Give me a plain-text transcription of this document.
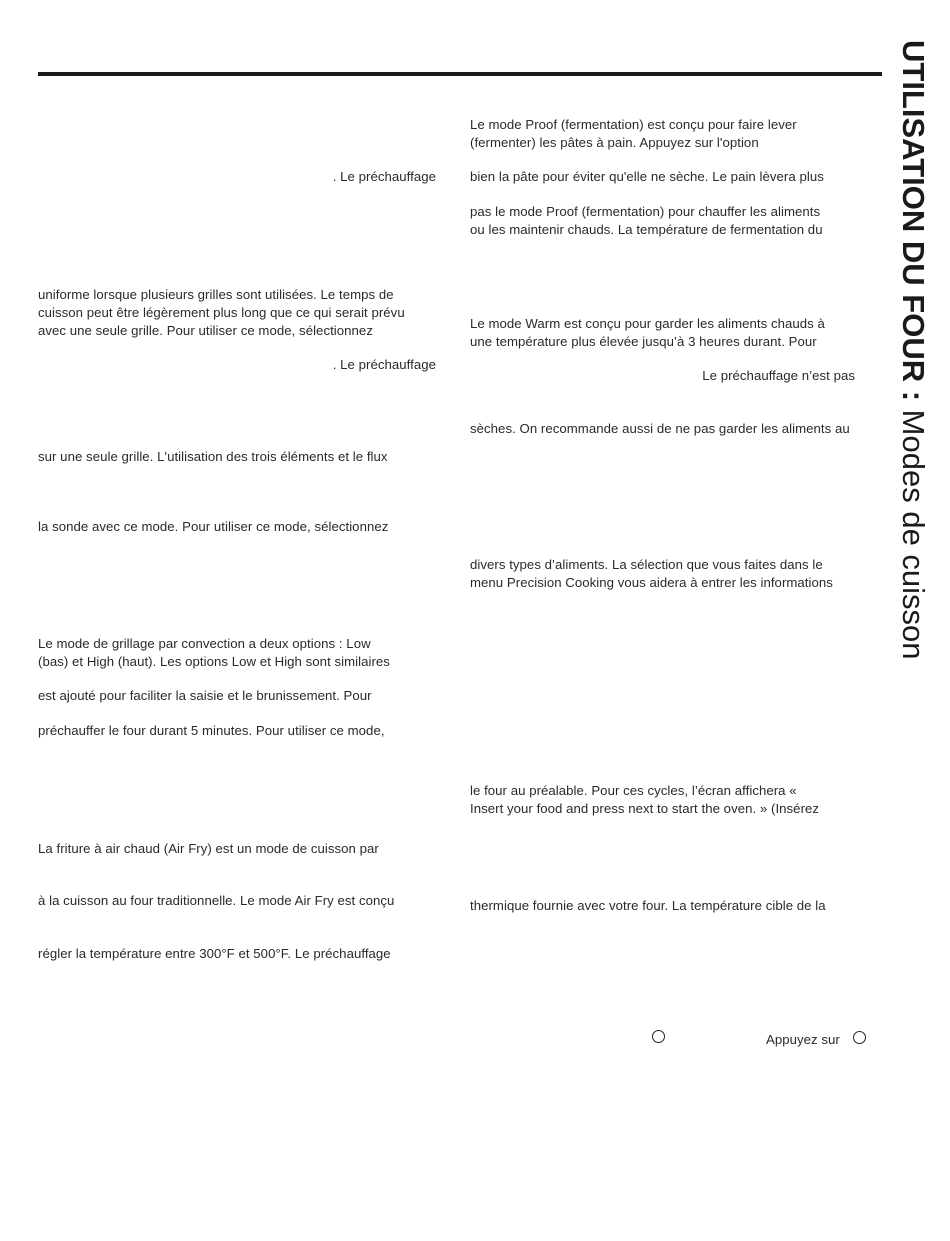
UTILISATION DU FOUR : Modes de cuisson
. Le préchauffage
uniforme lorsque plusieurs grilles sont utilisées. Le temps de
cuisson peut être légèrement plus long que ce qui serait prévu
avec une seule grille. Pour utiliser ce mode, sélectionnez
. Le préchauffage
sur une seule grille. L'utilisation des trois éléments et le flux
la sonde avec ce mode. Pour utiliser ce mode, sélectionnez
Le mode de grillage par convection a deux options : Low
(bas) et High (haut). Les options Low et High sont similaires
est ajouté pour faciliter la saisie et le brunissement. Pour
préchauffer le four durant 5 minutes. Pour utiliser ce mode,
La friture à air chaud (Air Fry) est un mode de cuisson par
à la cuisson au four traditionnelle. Le mode Air Fry est conçu
régler la température entre 300°F et 500°F. Le préchauffage
Le mode Proof (fermentation) est conçu pour faire lever
(fermenter) les pâtes à pain. Appuyez sur l'option
bien la pâte pour éviter qu'elle ne sèche. Le pain lèvera plus
pas le mode Proof (fermentation) pour chauffer les aliments
ou les maintenir chauds. La température de fermentation du
Le mode Warm est conçu pour garder les aliments chauds à
une température plus élevée jusqu’à 3 heures durant. Pour
Le préchauffage n’est pas
sèches. On recommande aussi de ne pas garder les aliments au
divers types d’aliments. La sélection que vous faites dans le
menu Precision Cooking vous aidera à entrer les informations
le four au préalable. Pour ces cycles, l’écran affichera «
Insert your food and press next to start the oven. » (Insérez
thermique fournie avec votre four. La température cible de la
Appuyez sur
